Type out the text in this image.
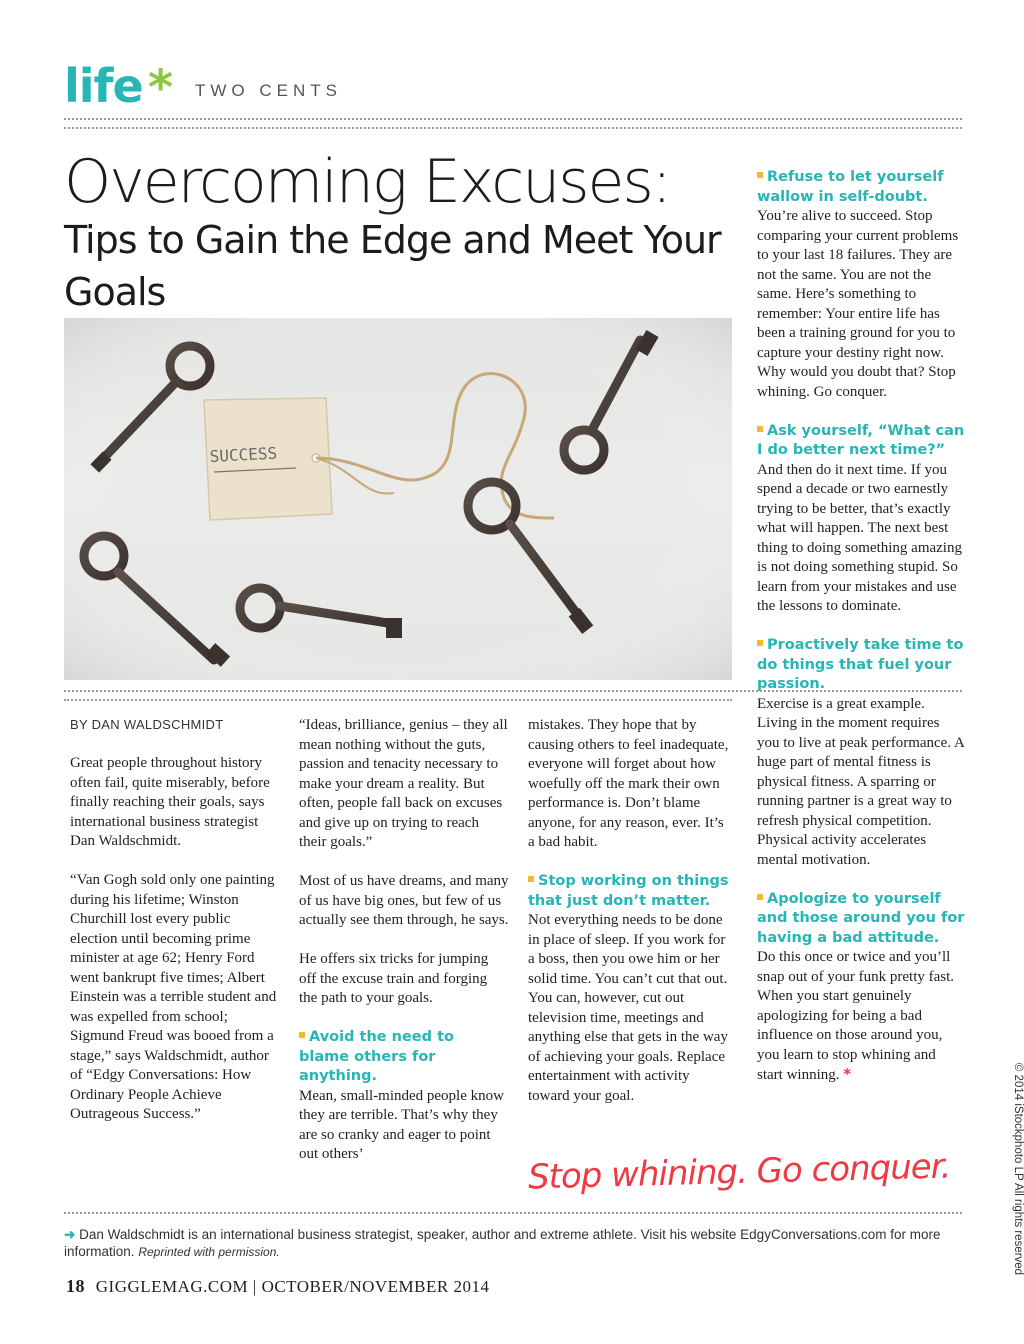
life * TWO CENTS
Overcoming Excuses:
Tips to Gain the Edge and Meet Your Goals
SUCCESS
BY DAN WALDSCHMIDT

Great people throughout history often fail, quite miserably, before finally reaching their goals, says international business strategist Dan Waldschmidt.

“Van Gogh sold only one painting during his lifetime; Winston Churchill lost every public election until becoming prime minister at age 62; Henry Ford went bankrupt five times; Albert Einstein was a terrible student and was expelled from school; Sigmund Freud was booed from a stage,” says Waldschmidt, author of “Edgy Conversations: How Ordinary People Achieve Outrageous Success.”

“Ideas, brilliance, genius – they all mean nothing without the guts, passion and tenacity necessary to make your dream a reality. But often, people fall back on excuses and give up on trying to reach their goals.”

Most of us have dreams, and many of us have big ones, but few of us actually see them through, he says.

He offers six tricks for jumping off the excuse train and forging the path to your goals.

Avoid the need to blame others for anything.

Mean, small-minded people know they are terrible. That’s why they are so cranky and eager to point out others’

mistakes. They hope that by causing others to feel inadequate, everyone will forget about how woefully off the mark their own performance is. Don’t blame anyone, for any reason, ever. It’s a bad habit.

Stop working on things that just don’t matter.

Not everything needs to be done in place of sleep. If you work for a boss, then you owe him or her solid time. You can’t cut that out. You can, however, cut out television time, meetings and anything else that gets in the way of achieving your goals. Replace entertainment with activity toward your goal.

Refuse to let yourself wallow in self-doubt.

You’re alive to succeed. Stop comparing your current problems to your last 18 failures. They are not the same. You are not the same. Here’s something to remember: Your entire life has been a training ground for you to capture your destiny right now. Why would you doubt that? Stop whining. Go conquer.

Ask yourself, “What can I do better next time?”

And then do it next time. If you spend a decade or two earnestly trying to be better, that’s exactly what will happen. The next best thing to doing something amazing is not doing something stupid. So learn from your mistakes and use the lessons to dominate.

Proactively take time to do things that fuel your passion.

Exercise is a great example. Living in the moment requires you to live at peak performance. A huge part of mental fitness is physical fitness. A sparring or running partner is a great way to refresh physical competition. Physical activity accelerates mental motivation.

Apologize to yourself and those around you for having a bad attitude.

Do this once or twice and you’ll snap out of your funk pretty fast. When you start genuinely apologizing for being a bad influence on those around you, you learn to stop whining and start winning. *

Stop whining. Go conquer.
➜ Dan Waldschmidt is an international business strategist, speaker, author and extreme athlete. Visit his website EdgyConversations.com for more information. Reprinted with permission.
18 GIGGLEMAG.COM | OCTOBER/NOVEMBER 2014
© 2014 iStockphoto LP All rights reserved
